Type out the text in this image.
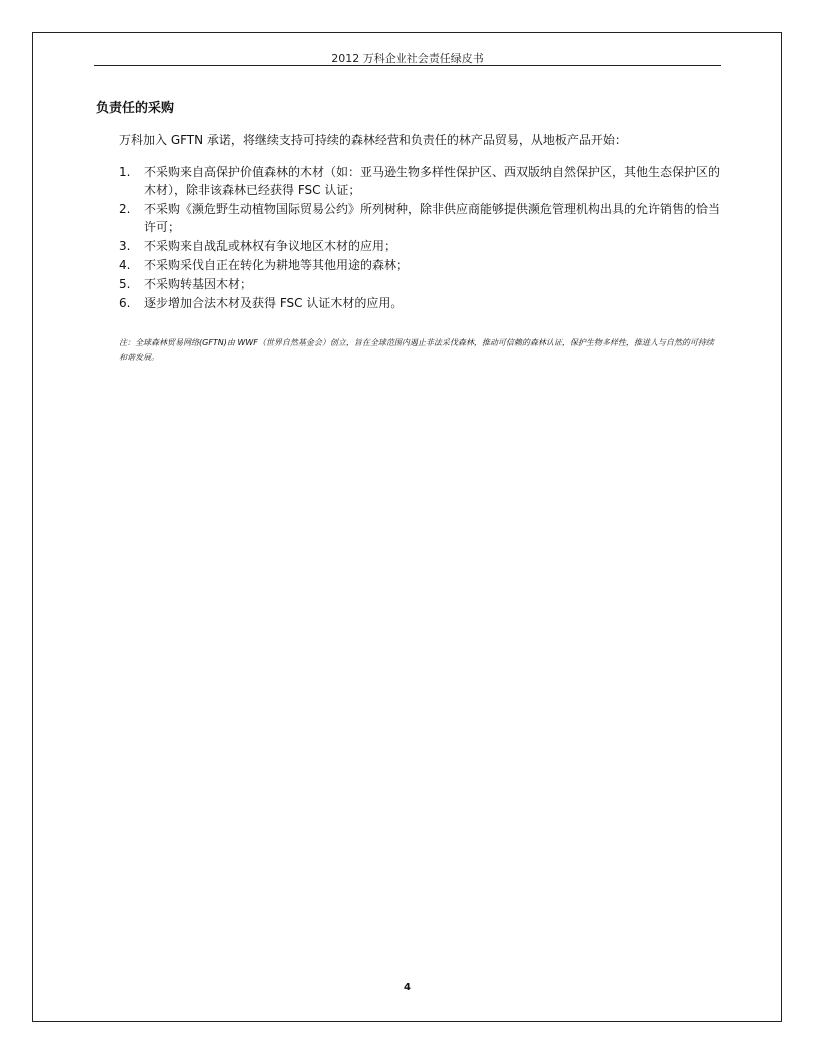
2012 万科企业社会责任绿皮书
负责任的采购
万科加入 GFTN 承诺，将继续支持可持续的森林经营和负责任的林产品贸易，从地板产品开始：
1. 不采购来自高保护价值森林的木材（如：亚马逊生物多样性保护区、西双版纳自然保护区，其他生态保护区的木材），除非该森林已经获得 FSC 认证；
2. 不采购《濒危野生动植物国际贸易公约》所列树种，除非供应商能够提供濒危管理机构出具的允许销售的恰当许可；
3. 不采购来自战乱或林权有争议地区木材的应用；
4. 不采购采伐自正在转化为耕地等其他用途的森林；
5. 不采购转基因木材；
6. 逐步增加合法木材及获得 FSC 认证木材的应用。
注：全球森林贸易网络(GFTN)由 WWF（世界自然基金会）创立，旨在全球范围内遏止非法采伐森林，推动可信赖的森林认证，保护生物多样性，推进人与自然的可持续和谐发展。
4
